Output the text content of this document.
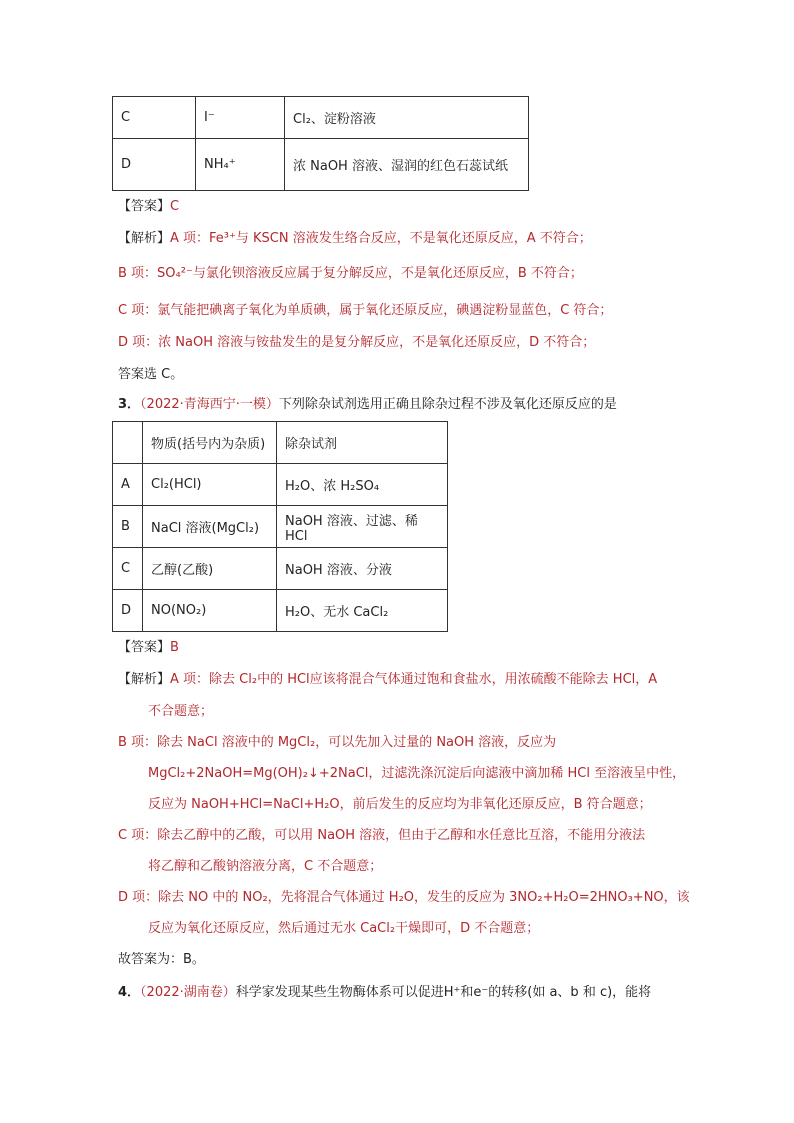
C	I⁻	Cl₂、淀粉溶液
D	NH₄⁺	浓 NaOH 溶液、湿润的红色石蕊试纸
【答案】C
【解析】A 项：Fe³⁺与 KSCN 溶液发生络合反应，不是氧化还原反应，A 不符合；
B 项：SO₄²⁻与氯化钡溶液反应属于复分解反应，不是氧化还原反应，B 不符合；
C 项：氯气能把碘离子氧化为单质碘，属于氧化还原反应，碘遇淀粉显蓝色，C 符合；
D 项：浓 NaOH 溶液与铵盐发生的是复分解反应，不是氧化还原反应，D 不符合；
答案选 C。
3．（2022·青海西宁·一模）下列除杂试剂选用正确且除杂过程不涉及氧化还原反应的是
	物质(括号内为杂质)	除杂试剂
A	Cl₂(HCl)	H₂O、浓 H₂SO₄
B	NaCl 溶液(MgCl₂)	NaOH 溶液、过滤、稀 HCl
C	乙醇(乙酸)	NaOH 溶液、分液
D	NO(NO₂)	H₂O、无水 CaCl₂
【答案】B
【解析】A 项：除去 Cl₂中的 HCl应该将混合气体通过饱和食盐水，用浓硫酸不能除去 HCl，A
不合题意；
B 项：除去 NaCl 溶液中的 MgCl₂，可以先加入过量的 NaOH 溶液，反应为
MgCl₂+2NaOH=Mg(OH)₂↓+2NaCl，过滤洗涤沉淀后向滤液中滴加稀 HCl 至溶液呈中性，
反应为 NaOH+HCl=NaCl+H₂O，前后发生的反应均为非氧化还原反应，B 符合题意；
C 项：除去乙醇中的乙酸，可以用 NaOH 溶液，但由于乙醇和水任意比互溶，不能用分液法
将乙醇和乙酸钠溶液分离，C 不合题意；
D 项：除去 NO 中的 NO₂，先将混合气体通过 H₂O，发生的反应为 3NO₂+H₂O=2HNO₃+NO，该
反应为氧化还原反应，然后通过无水 CaCl₂干燥即可，D 不合题意；
故答案为：B。
4．（2022·湖南卷）科学家发现某些生物酶体系可以促进H⁺和e⁻的转移(如 a、b 和 c)，能将
